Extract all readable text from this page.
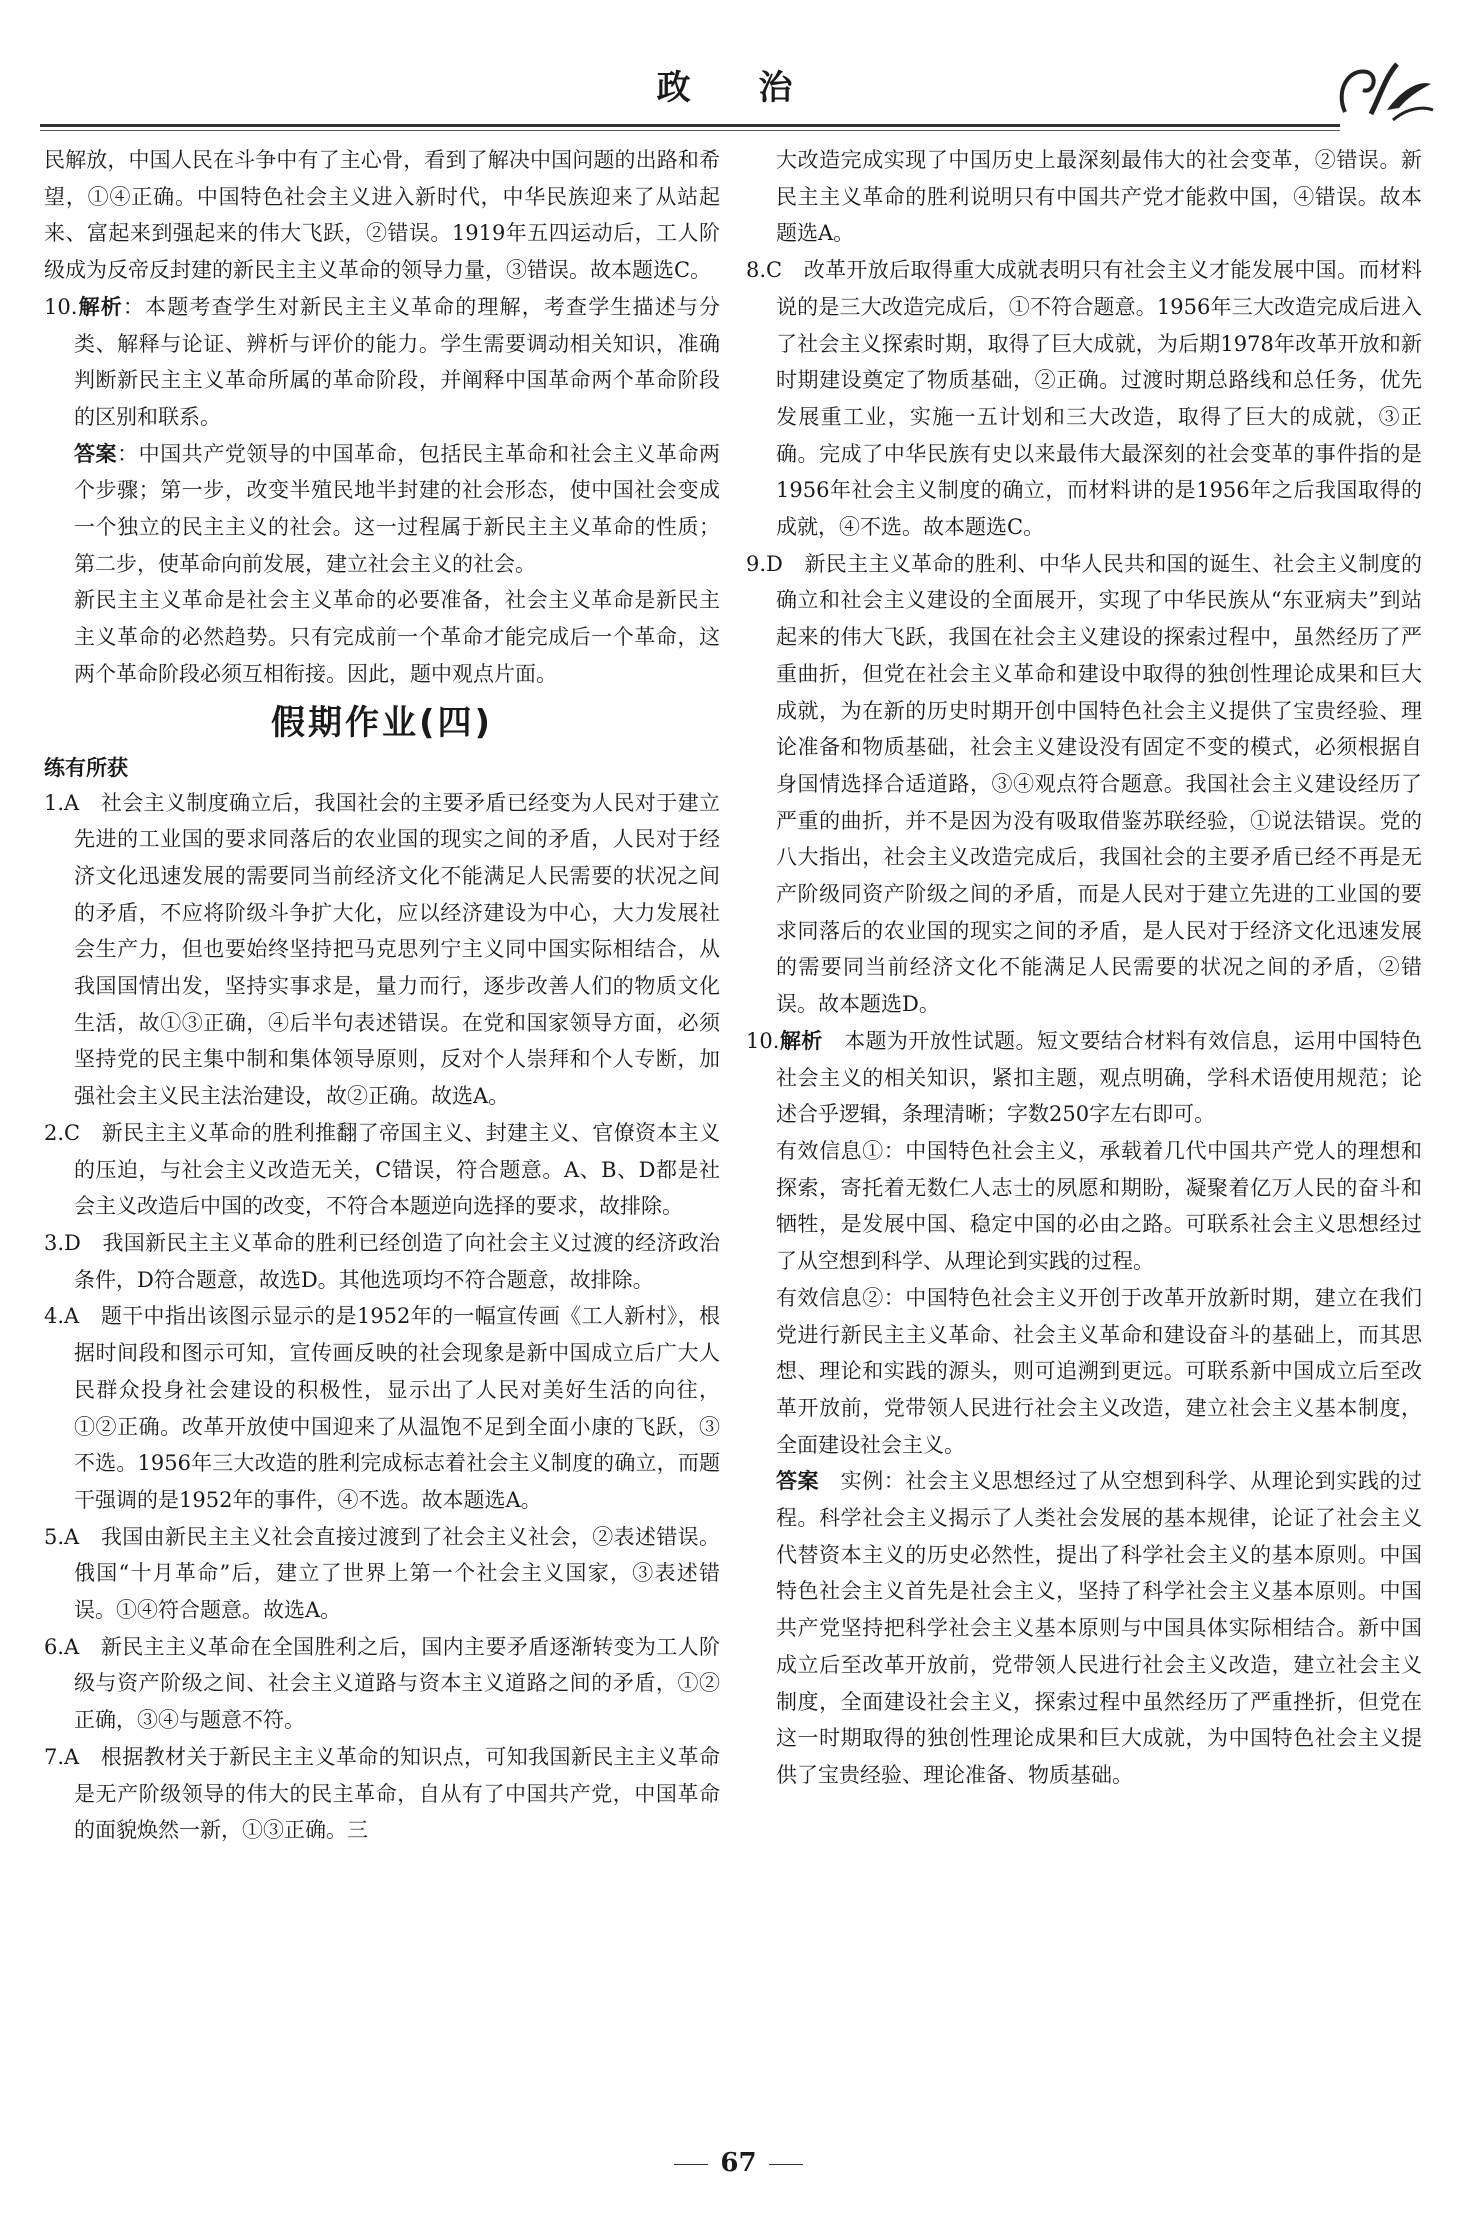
政 治

民解放，中国人民在斗争中有了主心骨，看到了解决中国问题的出路和希望，①④正确。中国特色社会主义进入新时代，中华民族迎来了从站起来、富起来到强起来的伟大飞跃，②错误。1919年五四运动后，工人阶级成为反帝反封建的新民主主义革命的领导力量，③错误。故本题选C。

10.解析：本题考查学生对新民主主义革命的理解，考查学生描述与分类、解释与论证、辨析与评价的能力。学生需要调动相关知识，准确判断新民主主义革命所属的革命阶段，并阐释中国革命两个革命阶段的区别和联系。

答案：中国共产党领导的中国革命，包括民主革命和社会主义革命两个步骤；第一步，改变半殖民地半封建的社会形态，使中国社会变成一个独立的民主主义的社会。这一过程属于新民主主义革命的性质；第二步，使革命向前发展，建立社会主义的社会。

新民主主义革命是社会主义革命的必要准备，社会主义革命是新民主主义革命的必然趋势。只有完成前一个革命才能完成后一个革命，这两个革命阶段必须互相衔接。因此，题中观点片面。

假期作业(四)
练有所获

1.A　社会主义制度确立后，我国社会的主要矛盾已经变为人民对于建立先进的工业国的要求同落后的农业国的现实之间的矛盾，人民对于经济文化迅速发展的需要同当前经济文化不能满足人民需要的状况之间的矛盾，不应将阶级斗争扩大化，应以经济建设为中心，大力发展社会生产力，但也要始终坚持把马克思列宁主义同中国实际相结合，从我国国情出发，坚持实事求是，量力而行，逐步改善人们的物质文化生活，故①③正确，④后半句表述错误。在党和国家领导方面，必须坚持党的民主集中制和集体领导原则，反对个人崇拜和个人专断，加强社会主义民主法治建设，故②正确。故选A。

2.C　新民主主义革命的胜利推翻了帝国主义、封建主义、官僚资本主义的压迫，与社会主义改造无关，C错误，符合题意。A、B、D都是社会主义改造后中国的改变，不符合本题逆向选择的要求，故排除。

3.D　我国新民主主义革命的胜利已经创造了向社会主义过渡的经济政治条件，D符合题意，故选D。其他选项均不符合题意，故排除。

4.A　题干中指出该图示显示的是1952年的一幅宣传画《工人新村》，根据时间段和图示可知，宣传画反映的社会现象是新中国成立后广大人民群众投身社会建设的积极性，显示出了人民对美好生活的向往，①②正确。改革开放使中国迎来了从温饱不足到全面小康的飞跃，③不选。1956年三大改造的胜利完成标志着社会主义制度的确立，而题干强调的是1952年的事件，④不选。故本题选A。

5.A　我国由新民主主义社会直接过渡到了社会主义社会，②表述错误。俄国“十月革命”后，建立了世界上第一个社会主义国家，③表述错误。①④符合题意。故选A。

6.A　新民主主义革命在全国胜利之后，国内主要矛盾逐渐转变为工人阶级与资产阶级之间、社会主义道路与资本主义道路之间的矛盾，①②正确，③④与题意不符。

7.A　根据教材关于新民主主义革命的知识点，可知我国新民主主义革命是无产阶级领导的伟大的民主革命，自从有了中国共产党，中国革命的面貌焕然一新，①③正确。三

大改造完成实现了中国历史上最深刻最伟大的社会变革，②错误。新民主主义革命的胜利说明只有中国共产党才能救中国，④错误。故本题选A。

8.C　改革开放后取得重大成就表明只有社会主义才能发展中国。而材料说的是三大改造完成后，①不符合题意。1956年三大改造完成后进入了社会主义探索时期，取得了巨大成就，为后期1978年改革开放和新时期建设奠定了物质基础，②正确。过渡时期总路线和总任务，优先发展重工业，实施一五计划和三大改造，取得了巨大的成就，③正确。完成了中华民族有史以来最伟大最深刻的社会变革的事件指的是1956年社会主义制度的确立，而材料讲的是1956年之后我国取得的成就，④不选。故本题选C。

9.D　新民主主义革命的胜利、中华人民共和国的诞生、社会主义制度的确立和社会主义建设的全面展开，实现了中华民族从“东亚病夫”到站起来的伟大飞跃，我国在社会主义建设的探索过程中，虽然经历了严重曲折，但党在社会主义革命和建设中取得的独创性理论成果和巨大成就，为在新的历史时期开创中国特色社会主义提供了宝贵经验、理论准备和物质基础，社会主义建设没有固定不变的模式，必须根据自身国情选择合适道路，③④观点符合题意。我国社会主义建设经历了严重的曲折，并不是因为没有吸取借鉴苏联经验，①说法错误。党的八大指出，社会主义改造完成后，我国社会的主要矛盾已经不再是无产阶级同资产阶级之间的矛盾，而是人民对于建立先进的工业国的要求同落后的农业国的现实之间的矛盾，是人民对于经济文化迅速发展的需要同当前经济文化不能满足人民需要的状况之间的矛盾，②错误。故本题选D。

10.解析　本题为开放性试题。短文要结合材料有效信息，运用中国特色社会主义的相关知识，紧扣主题，观点明确，学科术语使用规范；论述合乎逻辑，条理清晰；字数250字左右即可。

有效信息①：中国特色社会主义，承载着几代中国共产党人的理想和探索，寄托着无数仁人志士的夙愿和期盼，凝聚着亿万人民的奋斗和牺牲，是发展中国、稳定中国的必由之路。可联系社会主义思想经过了从空想到科学、从理论到实践的过程。

有效信息②：中国特色社会主义开创于改革开放新时期，建立在我们党进行新民主主义革命、社会主义革命和建设奋斗的基础上，而其思想、理论和实践的源头，则可追溯到更远。可联系新中国成立后至改革开放前，党带领人民进行社会主义改造，建立社会主义基本制度，全面建设社会主义。

答案　实例：社会主义思想经过了从空想到科学、从理论到实践的过程。科学社会主义揭示了人类社会发展的基本规律，论证了社会主义代替资本主义的历史必然性，提出了科学社会主义的基本原则。中国特色社会主义首先是社会主义，坚持了科学社会主义基本原则。中国共产党坚持把科学社会主义基本原则与中国具体实际相结合。新中国成立后至改革开放前，党带领人民进行社会主义改造，建立社会主义制度，全面建设社会主义，探索过程中虽然经历了严重挫折，但党在这一时期取得的独创性理论成果和巨大成就，为中国特色社会主义提供了宝贵经验、理论准备、物质基础。

67
